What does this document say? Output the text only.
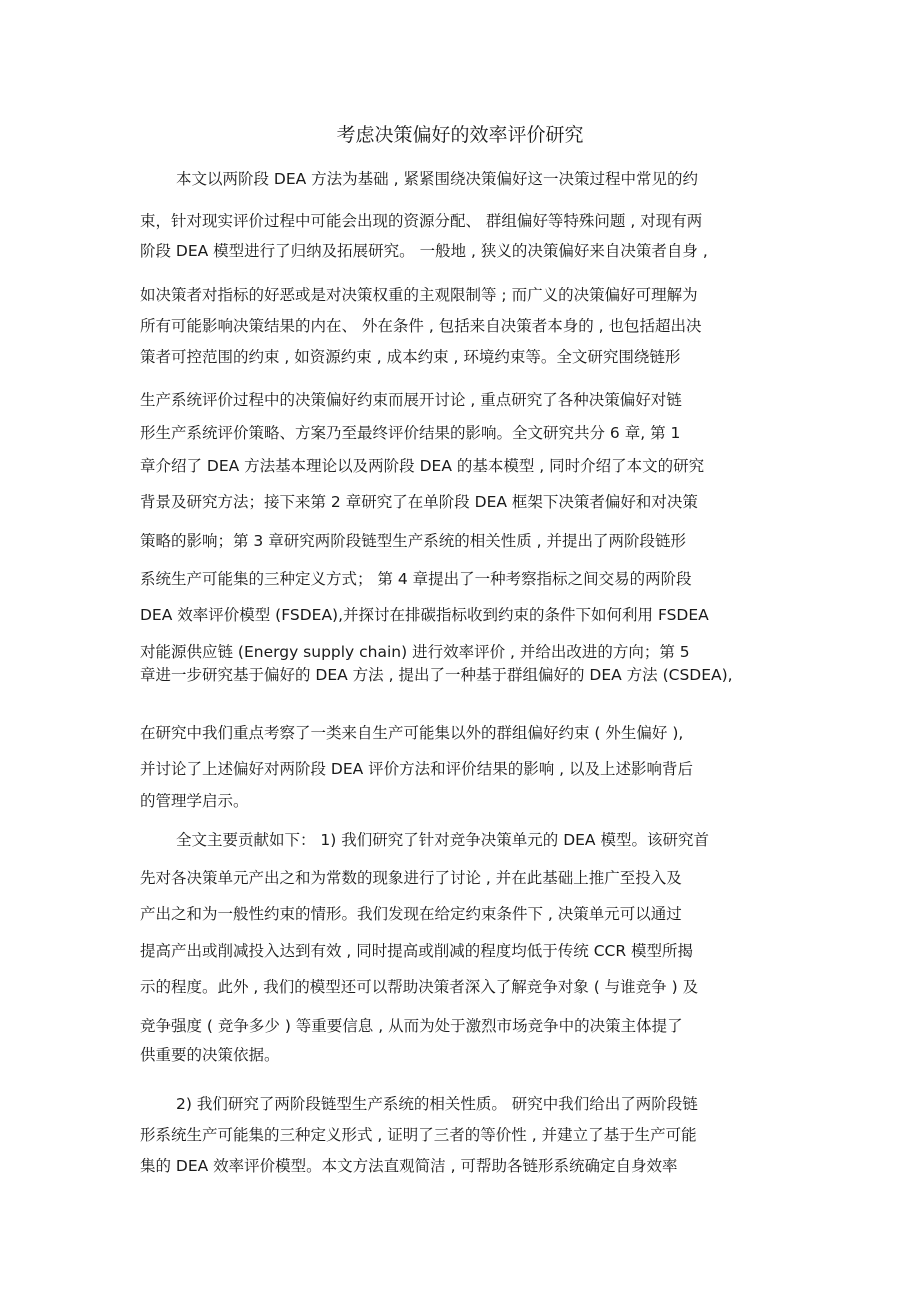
考虑决策偏好的效率评价研究
本文以两阶段 DEA 方法为基础 , 紧紧围绕决策偏好这一决策过程中常见的约
束，针对现实评价过程中可能会出现的资源分配、 群组偏好等特殊问题 , 对现有两
阶段 DEA 模型进行了归纳及拓展研究。 一般地 , 狭义的决策偏好来自决策者自身 ,
如决策者对指标的好恶或是对决策权重的主观限制等 ; 而广义的决策偏好可理解为
所有可能影响决策结果的内在、 外在条件 , 包括来自决策者本身的 , 也包括超出决
策者可控范围的约束 , 如资源约束 , 成本约束 , 环境约束等。全文研究围绕链形
生产系统评价过程中的决策偏好约束而展开讨论 , 重点研究了各种决策偏好对链
形生产系统评价策略、方案乃至最终评价结果的影响。全文研究共分 6 章, 第 1
章介绍了 DEA 方法基本理论以及两阶段 DEA 的基本模型 , 同时介绍了本文的研究
背景及研究方法；接下来第 2 章研究了在单阶段 DEA 框架下决策者偏好和对决策
策略的影响；第 3 章研究两阶段链型生产系统的相关性质 , 并提出了两阶段链形
系统生产可能集的三种定义方式； 第 4 章提出了一种考察指标之间交易的两阶段
DEA 效率评价模型 (FSDEA),并探讨在排碳指标收到约束的条件下如何利用 FSDEA
对能源供应链 (Energy supply chain) 进行效率评价 , 并给出改进的方向；第 5
章进一步研究基于偏好的 DEA 方法 , 提出了一种基于群组偏好的 DEA 方法 (CSDEA),
在研究中我们重点考察了一类来自生产可能集以外的群组偏好约束 ( 外生偏好 ),
并讨论了上述偏好对两阶段 DEA 评价方法和评价结果的影响 , 以及上述影响背后
的管理学启示。
全文主要贡献如下： 1) 我们研究了针对竞争决策单元的 DEA 模型。该研究首
先对各决策单元产出之和为常数的现象进行了讨论 , 并在此基础上推广至投入及
产出之和为一般性约束的情形。我们发现在给定约束条件下 , 决策单元可以通过
提高产出或削减投入达到有效 , 同时提高或削减的程度均低于传统 CCR 模型所揭
示的程度。此外 , 我们的模型还可以帮助决策者深入了解竞争对象 ( 与谁竞争 ) 及
竞争强度 ( 竞争多少 ) 等重要信息 , 从而为处于激烈市场竞争中的决策主体提了
供重要的决策依据。
2) 我们研究了两阶段链型生产系统的相关性质。 研究中我们给出了两阶段链
形系统生产可能集的三种定义形式 , 证明了三者的等价性 , 并建立了基于生产可能
集的 DEA 效率评价模型。本文方法直观简洁 , 可帮助各链形系统确定自身效率
